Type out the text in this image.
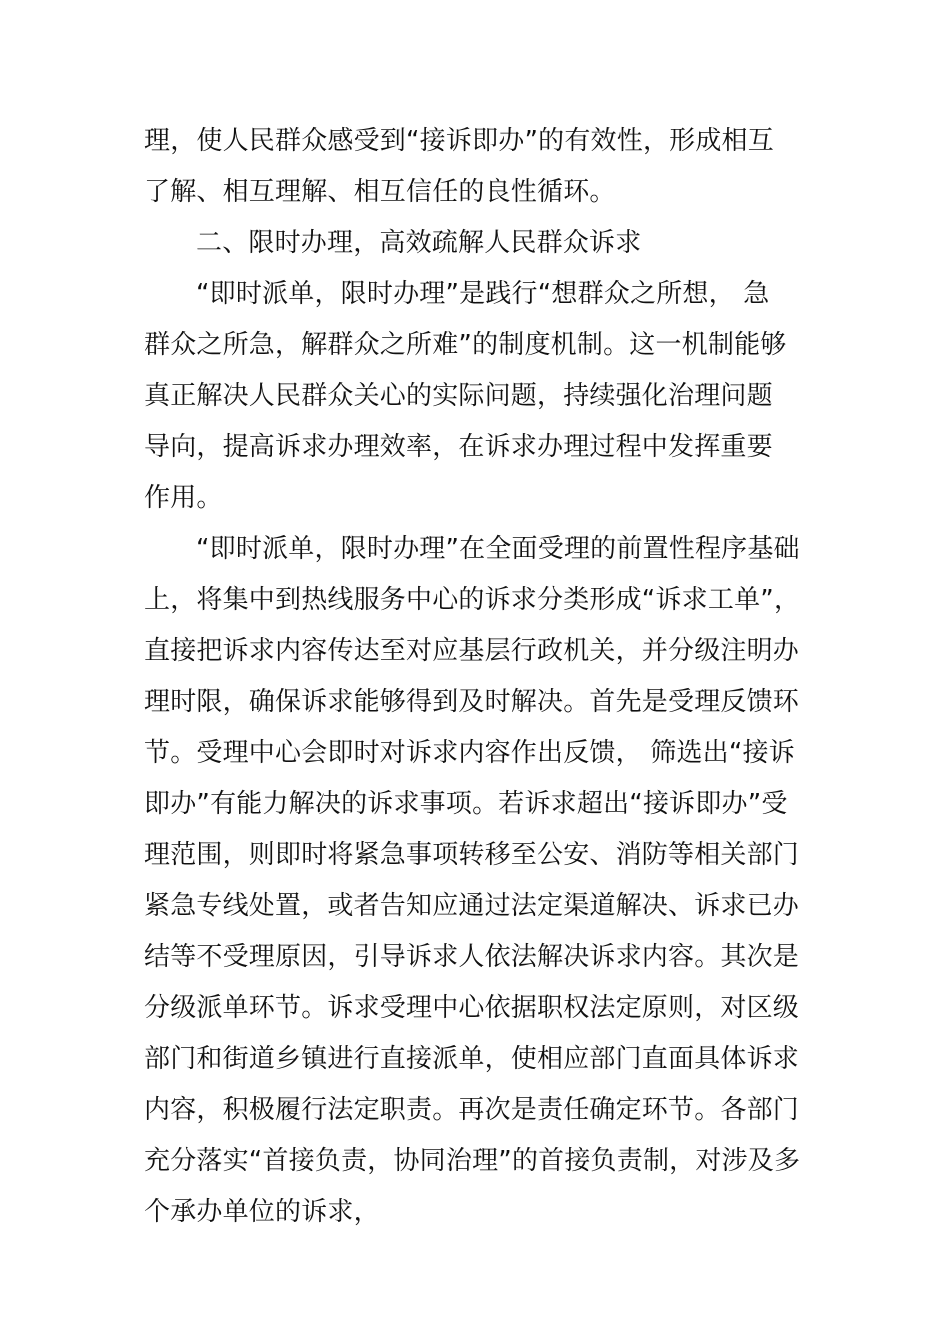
理，使人民群众感受到“接诉即办”的有效性，形成相互
了解、相互理解、相互信任的良性循环。
二、限时办理，高效疏解人民群众诉求
“即时派单，限时办理”是践行“想群众之所想， 急
群众之所急，解群众之所难”的制度机制。这一机制能够
真正解决人民群众关心的实际问题，持续强化治理问题
导向，提高诉求办理效率，在诉求办理过程中发挥重要
作用。
“即时派单，限时办理”在全面受理的前置性程序基础
上，将集中到热线服务中心的诉求分类形成“诉求工单”，
直接把诉求内容传达至对应基层行政机关，并分级注明办
理时限，确保诉求能够得到及时解决。首先是受理反馈环
节。受理中心会即时对诉求内容作出反馈， 筛选出“接诉
即办”有能力解决的诉求事项。若诉求超出“接诉即办”受
理范围，则即时将紧急事项转移至公安、消防等相关部门
紧急专线处置，或者告知应通过法定渠道解决、诉求已办
结等不受理原因，引导诉求人依法解决诉求内容。其次是
分级派单环节。诉求受理中心依据职权法定原则，对区级
部门和街道乡镇进行直接派单，使相应部门直面具体诉求
内容，积极履行法定职责。再次是责任确定环节。各部门
充分落实“首接负责，协同治理”的首接负责制，对涉及多
个承办单位的诉求，
